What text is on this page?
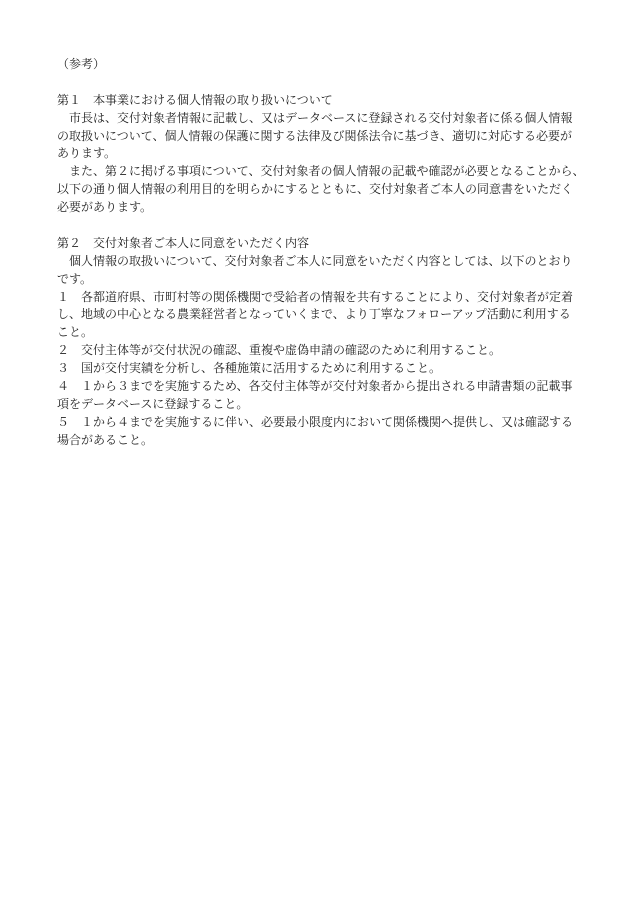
（参考）
第１　本事業における個人情報の取り扱いについて
　市長は、交付対象者情報に記載し、又はデータベースに登録される交付対象者に係る個人情報
の取扱いについて、個人情報の保護に関する法律及び関係法令に基づき、適切に対応する必要が
あります。
　また、第２に掲げる事項について、交付対象者の個人情報の記載や確認が必要となることから、
以下の通り個人情報の利用目的を明らかにするとともに、交付対象者ご本人の同意書をいただく
必要があります。
第２　交付対象者ご本人に同意をいただく内容
　個人情報の取扱いについて、交付対象者ご本人に同意をいただく内容としては、以下のとおり
です。
１　各都道府県、市町村等の関係機関で受給者の情報を共有することにより、交付対象者が定着
し、地域の中心となる農業経営者となっていくまで、より丁寧なフォローアップ活動に利用する
こと。
２　交付主体等が交付状況の確認、重複や虚偽申請の確認のために利用すること。
３　国が交付実績を分析し、各種施策に活用するために利用すること。
４　１から３までを実施するため、各交付主体等が交付対象者から提出される申請書類の記載事
項をデータベースに登録すること。
５　１から４までを実施するに伴い、必要最小限度内において関係機関へ提供し、又は確認する
場合があること。
